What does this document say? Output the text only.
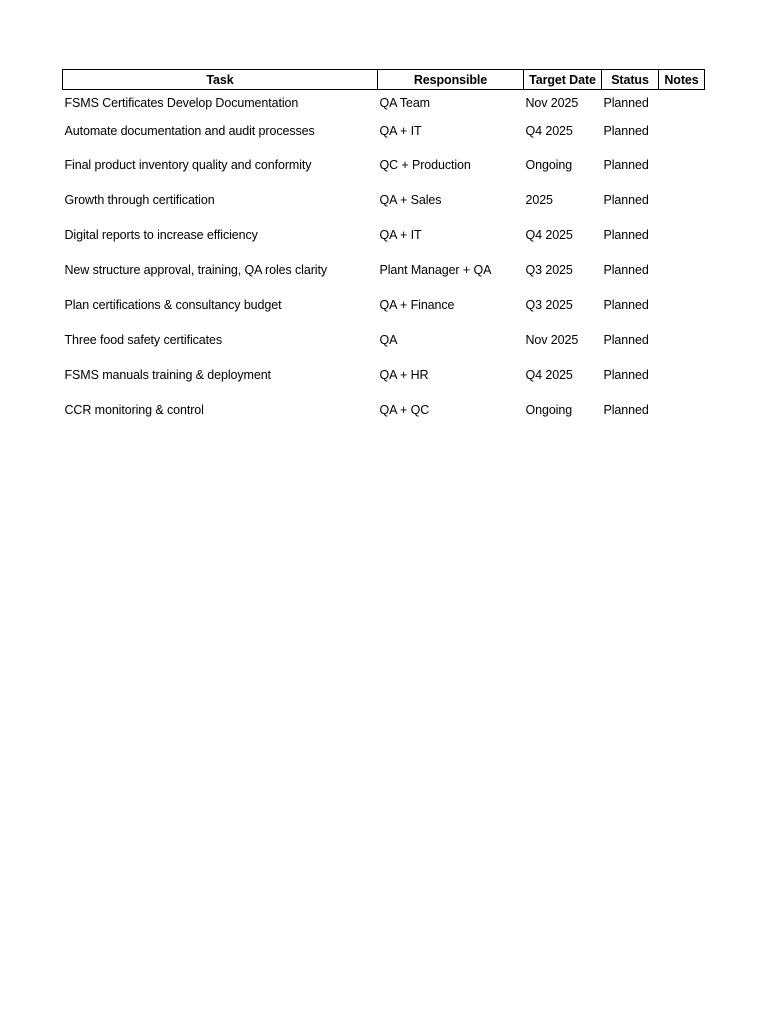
Task	Responsible	Target Date	Status	Notes
FSMS Certificates Develop Documentation	QA Team	Nov 2025	Planned	
Automate documentation and audit processes	QA + IT	Q4 2025	Planned	
Final product inventory quality and conformity	QC + Production	Ongoing	Planned	
Growth through certification	QA + Sales	2025	Planned	
Digital reports to increase efficiency	QA + IT	Q4 2025	Planned	
New structure approval, training, QA roles clarity	Plant Manager + QA	Q3 2025	Planned	
Plan certifications & consultancy budget	QA + Finance	Q3 2025	Planned	
Three food safety certificates	QA	Nov 2025	Planned	
FSMS manuals training & deployment	QA + HR	Q4 2025	Planned	
CCR monitoring & control	QA + QC	Ongoing	Planned	
